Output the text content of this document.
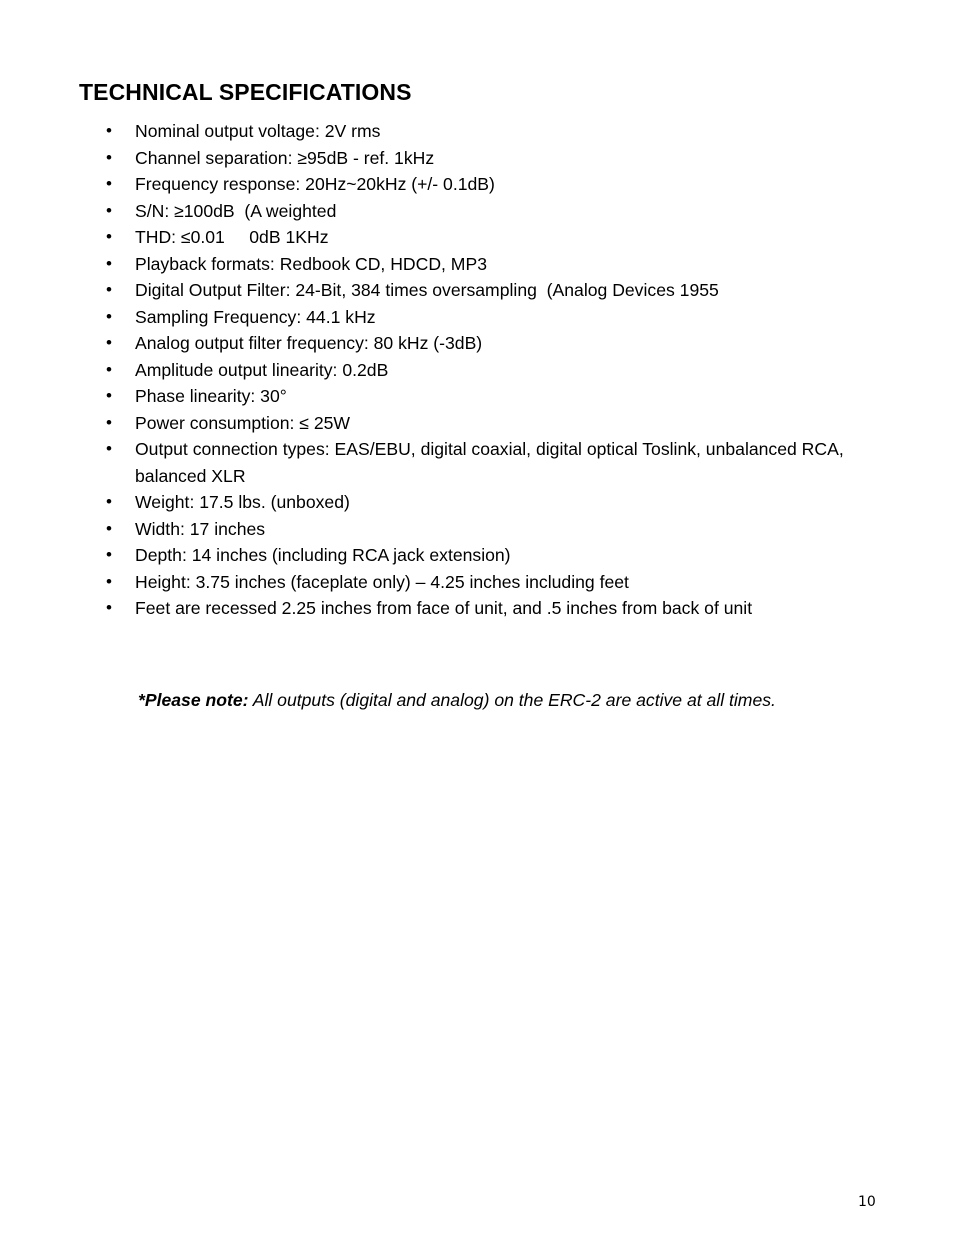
TECHNICAL SPECIFICATIONS
• Nominal output voltage: 2V rms
• Channel separation: ≥95dB - ref. 1kHz
• Frequency response: 20Hz~20kHz (+/- 0.1dB)
• S/N: ≥100dB  (A weighted
• THD: ≤0.01     0dB 1KHz
• Playback formats: Redbook CD, HDCD, MP3
• Digital Output Filter: 24-Bit, 384 times oversampling  (Analog Devices 1955
• Sampling Frequency: 44.1 kHz
• Analog output filter frequency: 80 kHz (-3dB)
• Amplitude output linearity: 0.2dB
• Phase linearity: 30°
• Power consumption: ≤ 25W
• Output connection types: EAS/EBU, digital coaxial, digital optical Toslink, unbalanced RCA, balanced XLR
• Weight: 17.5 lbs. (unboxed)
• Width: 17 inches
• Depth: 14 inches (including RCA jack extension)
• Height: 3.75 inches (faceplate only) – 4.25 inches including feet
• Feet are recessed 2.25 inches from face of unit, and .5 inches from back of unit

*Please note: All outputs (digital and analog) on the ERC-2 are active at all times.

10
